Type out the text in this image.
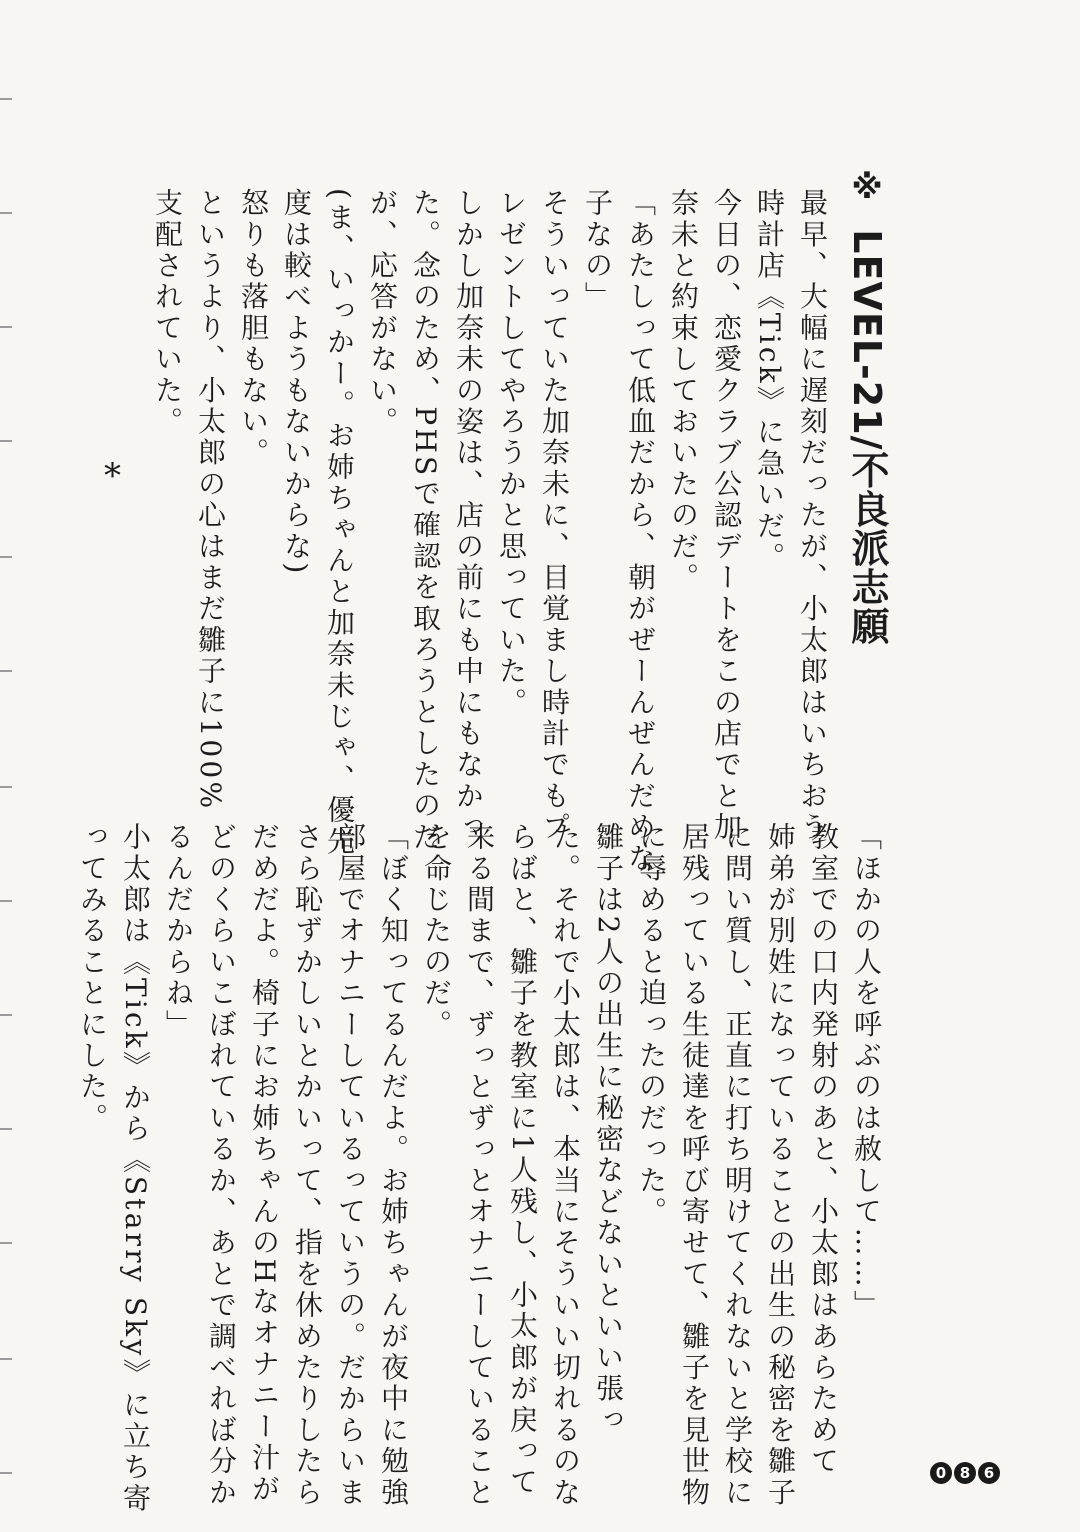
※ LEVEL-21/不良派志願

最早、大幅に遅刻だったが、小太郎はいちおう

時計店《Tick》に急いだ。

今日の、恋愛クラブ公認デートをこの店でと加

奈未と約束しておいたのだ。

「あたしって低血だから、朝がぜーんぜんだめな

子なの」

そういっていた加奈未に、目覚まし時計でもプ

レゼントしてやろうかと思っていた。

しかし加奈未の姿は、店の前にも中にもなかっ

た。念のため、PHSで確認を取ろうとしたのだ

が、応答がない。

(ま、いっかー。お姉ちゃんと加奈未じゃ、優先

度は較べようもないからな)

怒りも落胆もない。

というより、小太郎の心はまだ雛子に100%

支配されていた。

*

「ほかの人を呼ぶのは赦して……」

教室での口内発射のあと、小太郎はあらためて

姉弟が別姓になっていることの出生の秘密を雛子

に問い質し、正直に打ち明けてくれないと学校に

居残っている生徒達を呼び寄せて、雛子を見世物

に辱めると迫ったのだった。

雛子は2人の出生に秘密などないといい張っ

た。それで小太郎は、本当にそういい切れるのな

らばと、雛子を教室に1人残し、小太郎が戻って

来る間まで、ずっとずっとオナニーしていること

を命じたのだ。

「ぼく知ってるんだよ。お姉ちゃんが夜中に勉強

部屋でオナニーしているっていうの。だからいま

さら恥ずかしいとかいって、指を休めたりしたら

だめだよ。椅子にお姉ちゃんのHなオナニー汁が

どのくらいこぼれているか、あとで調べれば分か

るんだからね」

小太郎は《Tick》から《Starry Sky》に立ち寄

ってみることにした。

0 8 6
